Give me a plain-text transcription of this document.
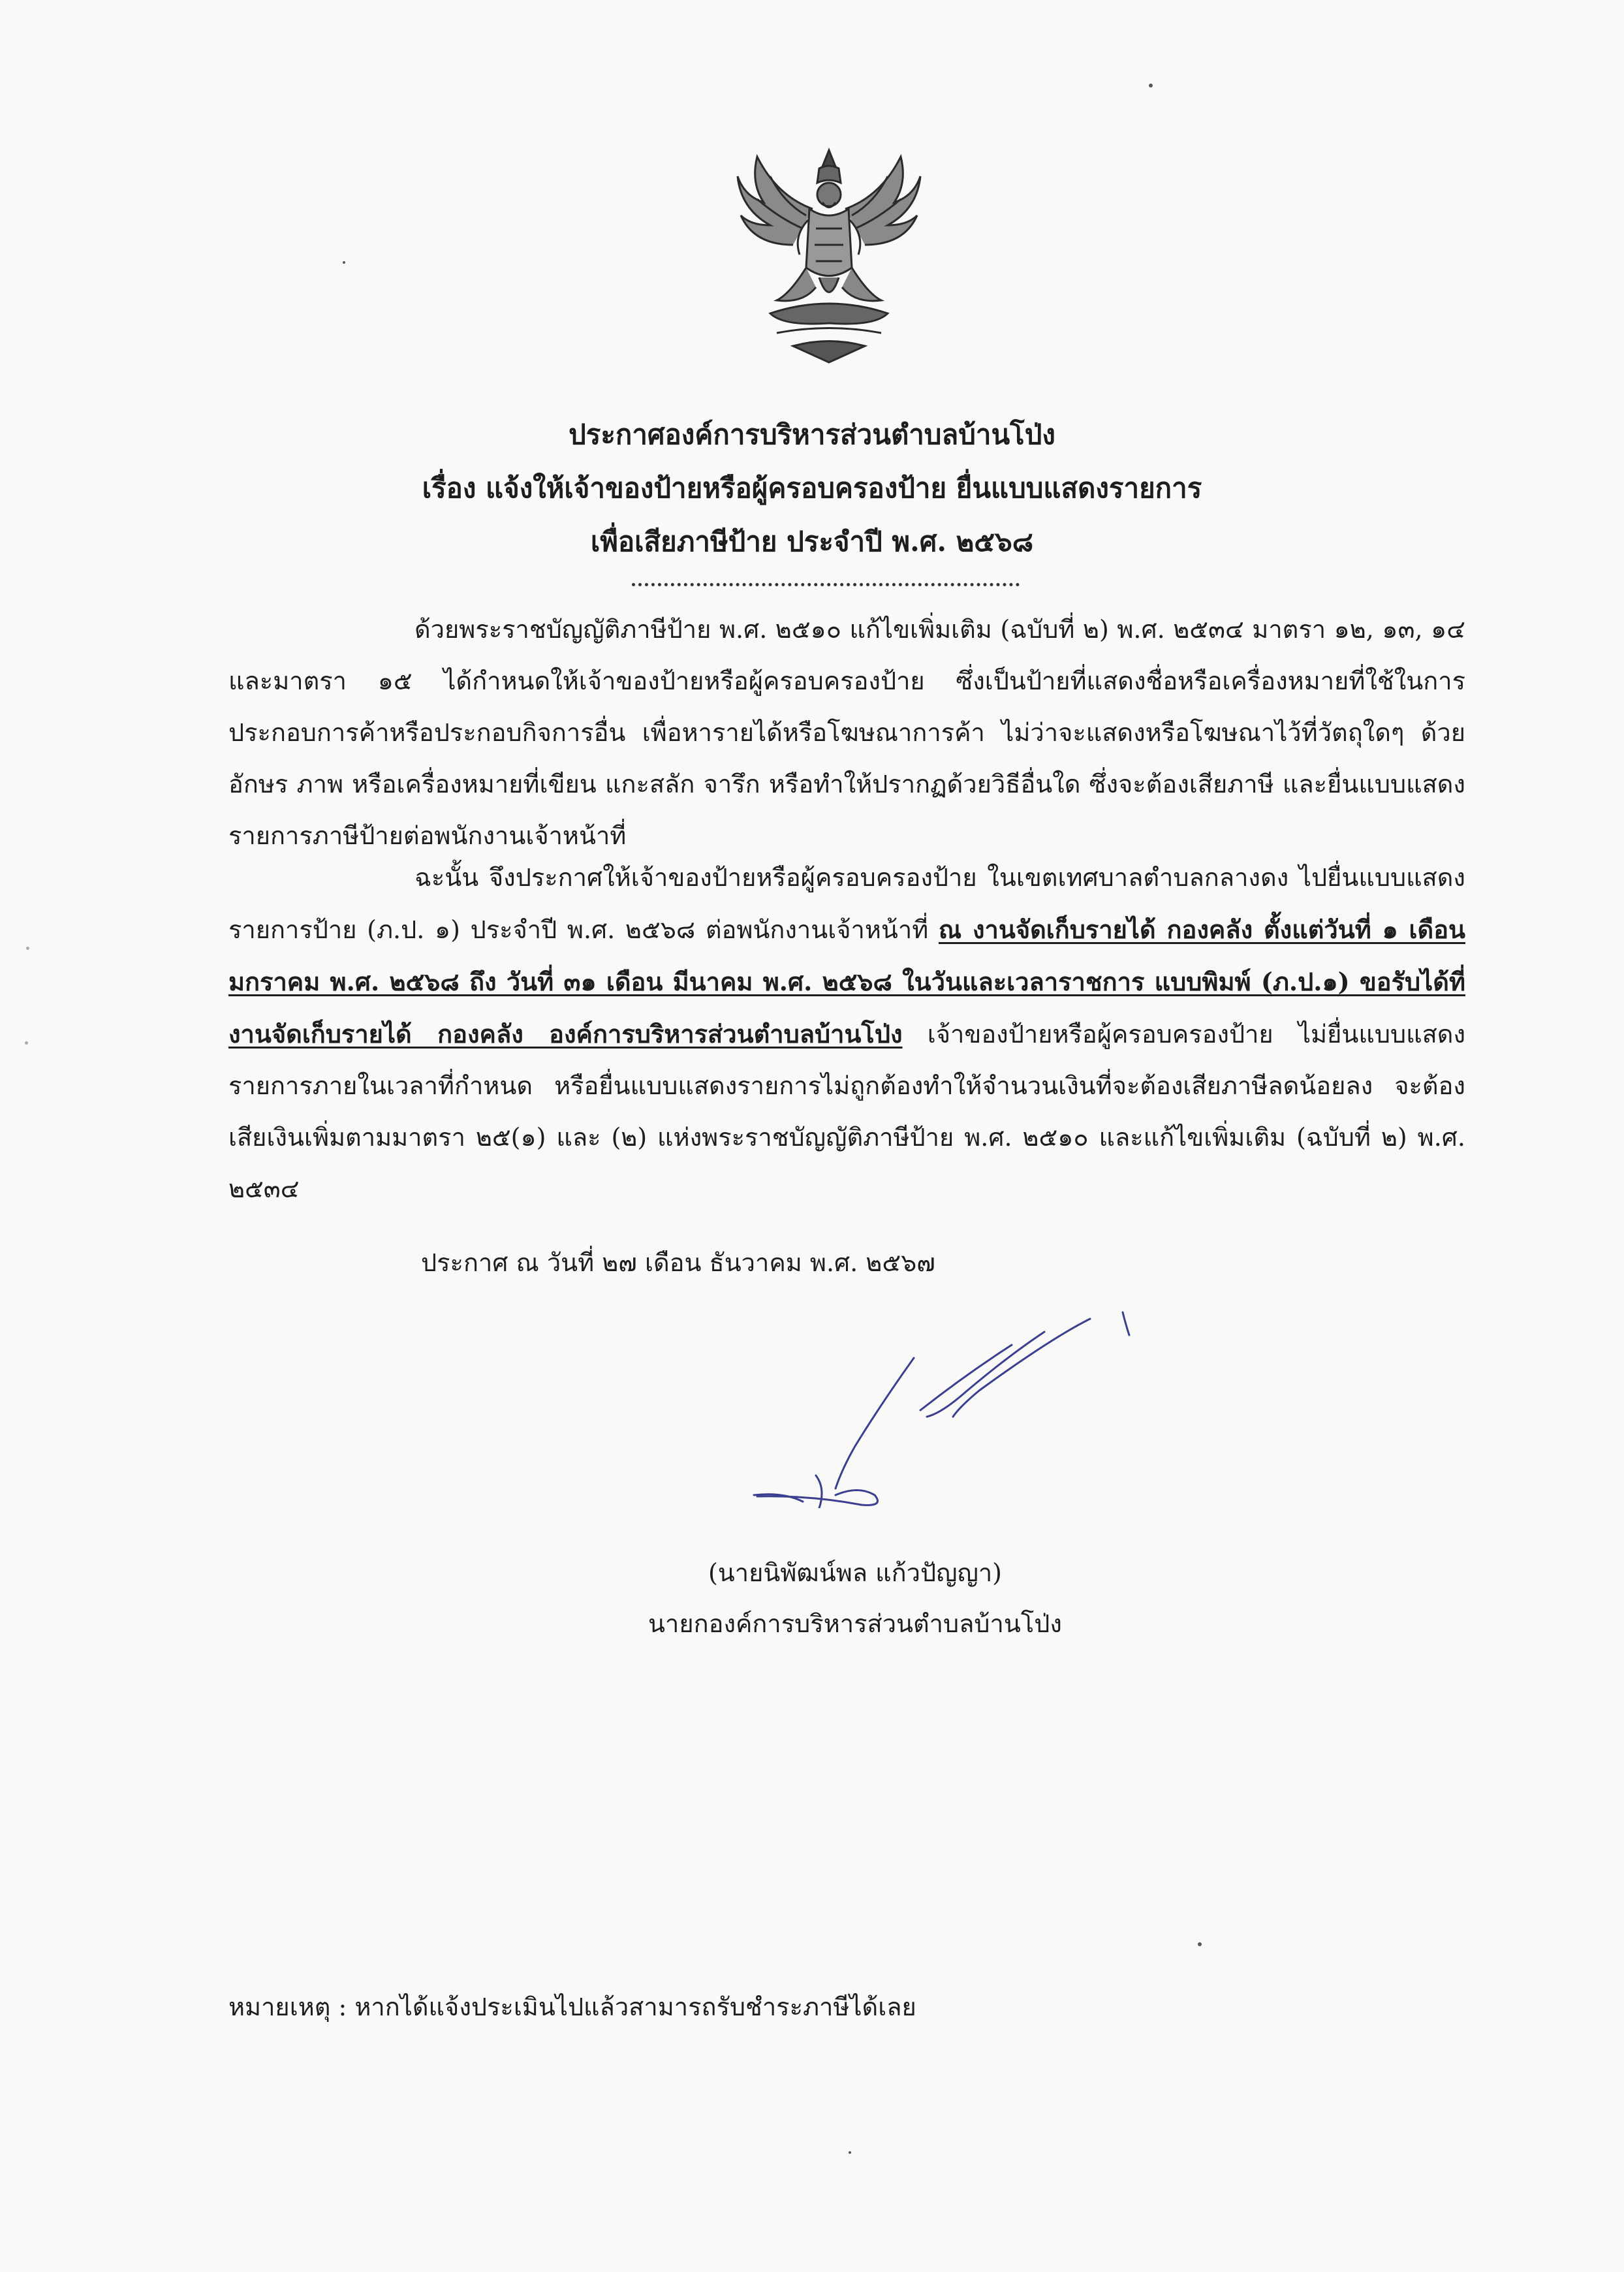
ประกาศองค์การบริหารส่วนตำบลบ้านโป่ง
เรื่อง แจ้งให้เจ้าของป้ายหรือผู้ครอบครองป้าย ยื่นแบบแสดงรายการ
เพื่อเสียภาษีป้าย ประจำปี พ.ศ. ๒๕๖๘
ด้วยพระราชบัญญัติภาษีป้าย พ.ศ. ๒๕๑๐ แก้ไขเพิ่มเติม (ฉบับที่ ๒) พ.ศ. ๒๕๓๔ มาตรา ๑๒, ๑๓, ๑๔ และมาตรา ๑๕ ได้กำหนดให้เจ้าของป้ายหรือผู้ครอบครองป้าย ซึ่งเป็นป้ายที่แสดงชื่อหรือเครื่องหมายที่ใช้ในการประกอบการค้าหรือประกอบกิจการอื่น เพื่อหารายได้หรือโฆษณาการค้า ไม่ว่าจะแสดงหรือโฆษณาไว้ที่วัตถุใดๆ ด้วยอักษร ภาพ หรือเครื่องหมายที่เขียน แกะสลัก จารึก หรือทำให้ปรากฏด้วยวิธีอื่นใด ซึ่งจะต้องเสียภาษี และยื่นแบบแสดงรายการภาษีป้ายต่อพนักงานเจ้าหน้าที่
ฉะนั้น จึงประกาศให้เจ้าของป้ายหรือผู้ครอบครองป้าย ในเขตเทศบาลตำบลกลางดง ไปยื่นแบบแสดงรายการป้าย (ภ.ป. ๑) ประจำปี พ.ศ. ๒๕๖๘ ต่อพนักงานเจ้าหน้าที่ ณ งานจัดเก็บรายได้ กองคลัง ตั้งแต่วันที่ ๑ เดือน มกราคม พ.ศ. ๒๕๖๘ ถึง วันที่ ๓๑ เดือน มีนาคม พ.ศ. ๒๕๖๘ ในวันและเวลาราชการ แบบพิมพ์ (ภ.ป.๑) ขอรับได้ที่ งานจัดเก็บรายได้ กองคลัง องค์การบริหารส่วนตำบลบ้านโป่ง เจ้าของป้ายหรือผู้ครอบครองป้าย ไม่ยื่นแบบแสดงรายการภายในเวลาที่กำหนด หรือยื่นแบบแสดงรายการไม่ถูกต้องทำให้จำนวนเงินที่จะต้องเสียภาษีลดน้อยลง จะต้องเสียเงินเพิ่มตามมาตรา ๒๕(๑) และ (๒) แห่งพระราชบัญญัติภาษีป้าย พ.ศ. ๒๕๑๐ และแก้ไขเพิ่มเติม (ฉบับที่ ๒) พ.ศ. ๒๕๓๔
ประกาศ ณ วันที่ ๒๗ เดือน ธันวาคม พ.ศ. ๒๕๖๗
(นายนิพัฒน์พล แก้วปัญญา)
นายกองค์การบริหารส่วนตำบลบ้านโป่ง
หมายเหตุ : หากได้แจ้งประเมินไปแล้วสามารถรับชำระภาษีได้เลย
